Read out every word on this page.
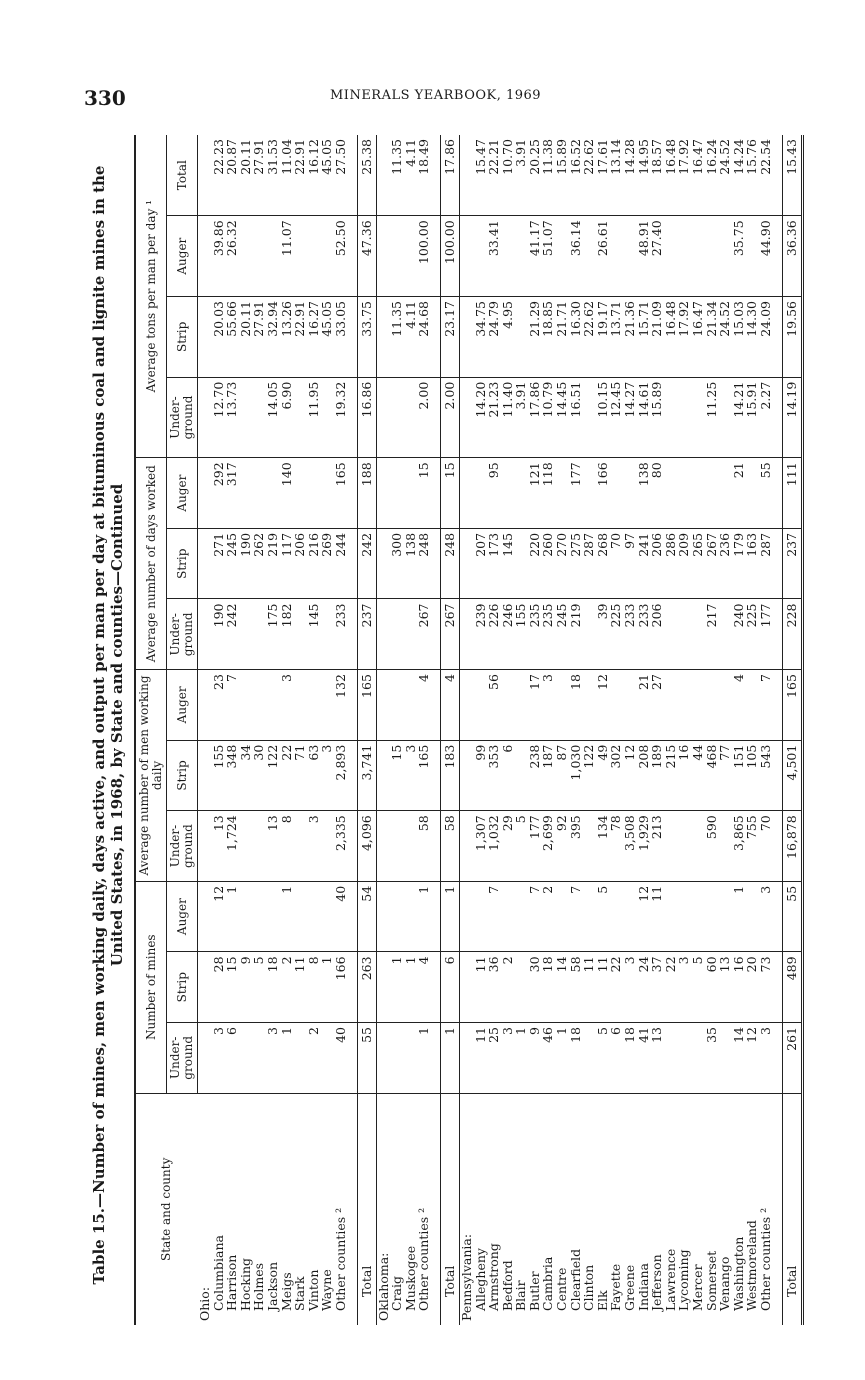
330	MINERALS YEARBOOK, 1969
Table 15.—Number of mines, men working daily, days active, and output per man per day at bituminous coal and lignite mines in the United States, in 1968, by State and counties—Continued
State and county	Number of mines			Average number of men working daily			Average number of days worked			Average tons per man per day ¹			
	Under-ground	Strip	Auger	Under-ground	Strip	Auger	Under-ground	Strip	Auger	Under-ground	Strip	Auger	Total
Ohio:													
Columbiana	3	28	12	13	155	23	190	271	292	12.70	20.03	39.86	22.23
Harrison	6	15	1	1,724	348	7	242	245	317	13.73	55.66	26.32	20.87
Hocking		9			34			190			20.11		20.11
Holmes		5			30			262			27.91		27.91
Jackson	3	18		13	122		175	219		14.05	32.94		31.53
Meigs	1	2	1	8	22	3	182	117	140	6.90	13.26	11.07	11.04
Stark		11			71			206			22.91		22.91
Vinton	2	8		3	63		145	216		11.95	16.27		16.12
Wayne		1			3			269			45.05		45.05
Other counties ²	40	166	40	2,335	2,893	132	233	244	165	19.32	33.05	52.50	27.50

Total	55	263	54	4,096	3,741	165	237	242	188	16.86	33.75	47.36	25.38
Oklahoma:													
Craig		1			15			300			11.35		11.35
Muskogee		1			3			138			4.11		4.11
Other counties ²	1	4	1	58	165	4	267	248	15	2.00	24.68	100.00	18.49

Total	1	6	1	58	183	4	267	248	15	2.00	23.17	100.00	17.86
Pennsylvania:													
Allegheny	11	11		1,307	99		239	207		14.20	34.75		15.47
Armstrong	25	36	7	1,032	353	56	226	173	95	21.23	24.79	33.41	22.21
Bedford	3	2		29	6		246	145		11.40	4.95		10.70
Blair	1			5			155			3.91			3.91
Butler	9	30	7	177	238	17	235	220	121	17.86	21.29	41.17	20.25
Cambria	46	18	2	2,699	187	3	235	260	118	10.79	18.85	51.07	11.38
Centre	1	14		92	87		245	270		14.45	21.71		15.89
Clearfield	18	58	7	395	1,030	18	219	275	177	16.51	16.30	36.14	16.52
Clinton		11			122			287			22.62		22.62
Elk	5	11	5	134	49	12	39	268	166	10.15	19.17	26.61	17.61
Fayette	6	22		78	302		225	70		12.45	13.71		13.14
Greene	18	3		3,508	12		233	97		14.27	21.36		14.28
Indiana	41	24	12	1,929	208	21	233	241	138	14.61	15.71	48.91	14.95
Jefferson	13	37	11	213	189	27	206	206	80	15.89	21.09	27.40	18.57
Lawrence		22			215			286			16.48		16.48
Lycoming		3			16			209			17.92		17.92
Mercer		5			44			265			16.47		16.47
Somerset	35	60		590	468		217	267		11.25	21.34		16.24
Venango		13			77			236			24.52		24.52
Washington	14	16	1	3,865	151	4	240	179	21	14.21	15.03	35.75	14.24
Westmoreland	12	20		755	105		225	163		15.91	14.30		15.76
Other counties ²	3	73	3	70	543	7	177	287	55	2.27	24.09	44.90	22.54

Total	261	489	55	16,878	4,501	165	228	237	111	14.19	19.56	36.36	15.43
